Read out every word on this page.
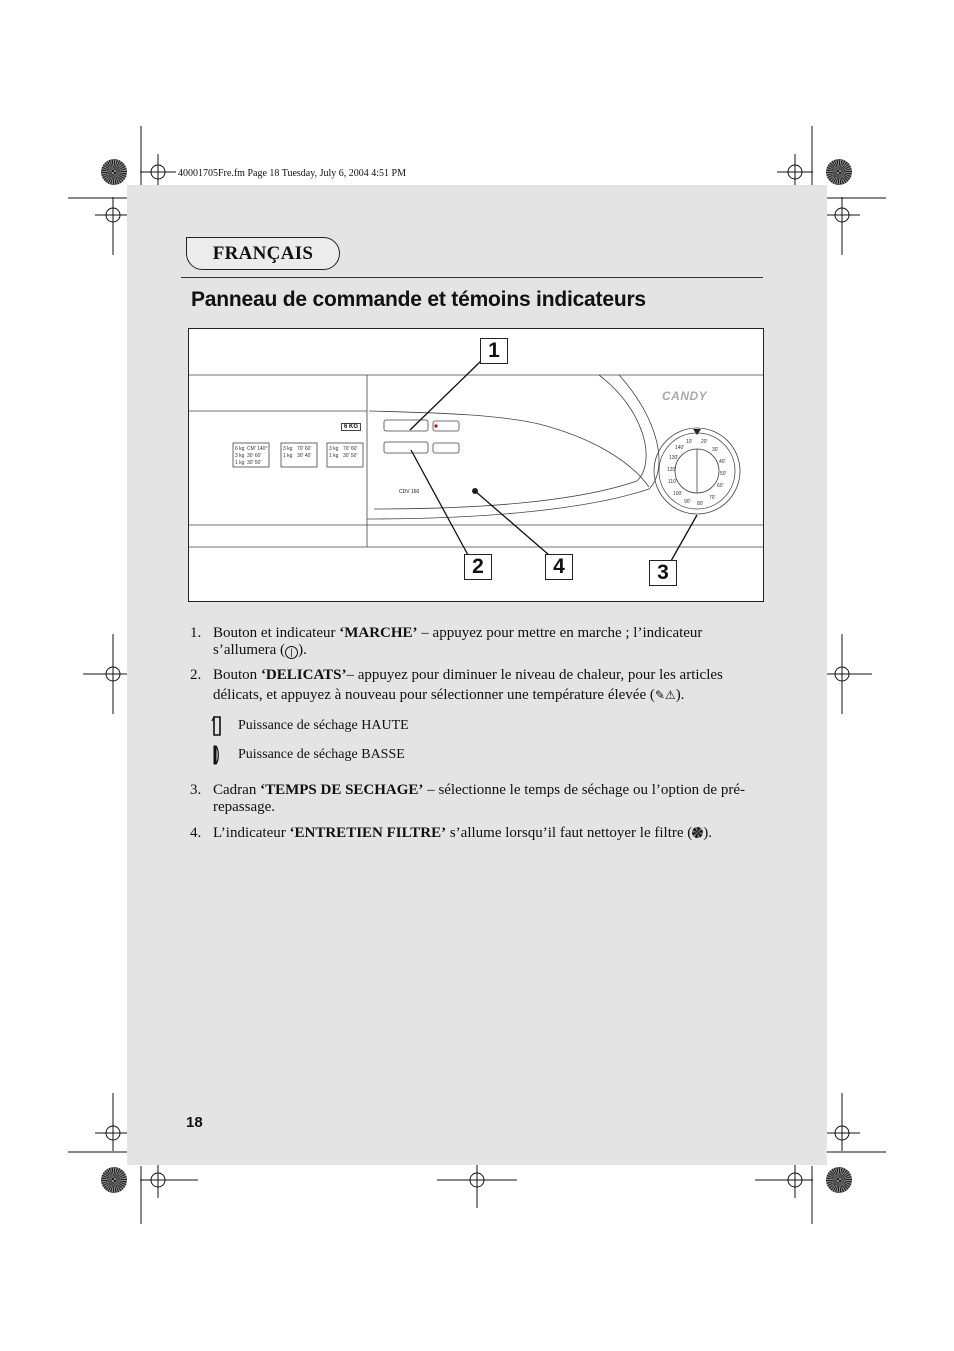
40001705Fre.fm Page 18 Tuesday, July 6, 2004 4:51 PM
FRANÇAIS
Panneau de commande et témoins indicateurs
10' 20'
30'
40'
50'
60'
70'
80'
90'
100'
110'
120'
130'
140'
6 kg CM' 140°
3 kg 30' 60'
1 kg 30' 50'
3 kg 70' 60'
1 kg 30' 40'
3 kg 70' 60'
1 kg 30' 50'
6 KG
CDV 160
CANDY
1
2	4	3
1. Bouton et indicateur ‘MARCHE’ – appuyez pour mettre en marche ; l’indicateur s’allumera ( | ).
2. Bouton ‘DELICATS’– appuyez pour diminuer le niveau de chaleur, pour les articles délicats, et appuyez à nouveau pour sélectionner une température élevée (✎⚠).
3. Cadran ‘TEMPS DE SECHAGE’ – sélectionne le temps de séchage ou l’option de pré-repassage.
4. L’indicateur ‘ENTRETIEN FILTRE’ s’allume lorsqu’il faut nettoyer le filtre ( ).
Puissance de séchage HAUTE
Puissance de séchage BASSE
18
